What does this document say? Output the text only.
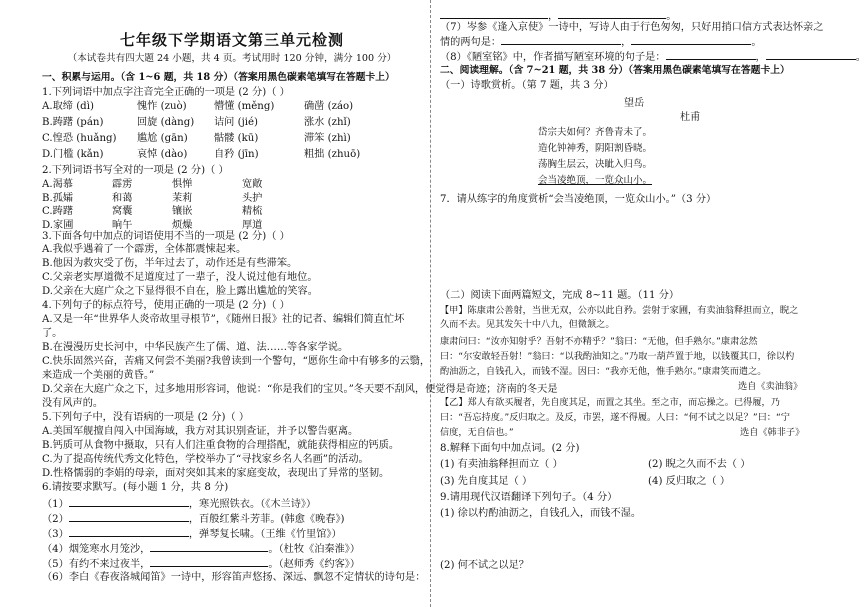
七年级下学期语文第三单元检测
（本试卷共有四大题 24 小题，共 4 页。考试用时 120 分钟，满分 100 分）
一、积累与运用。（含 1~6 题，共 18 分）（答案用黑色碳素笔填写在答题卡上）
1.下列词语中加点字注音完全正确的一项是 (2 分)（ ）
A.取缔 (dì)	愧怍 (zuò)	懵懂 (měng)	确凿 (záo)
B.踌躇 (pán)	回旋 (dàng) 诘问 (jié)	涨水 (zhǐ)
C.惶恐 (huǎng) 尴尬 (gān)	骷髅 (kū)	滞笨 (zhì)
D.门槛 (kǎn)	哀悼 (dào)	自矜 (jīn)	粗拙 (zhuō)
2.下列词语书写全对的一项是 (2 分)（ ）
A.渴慕	霹雳	惧惮	宽敞
B.孤孀	和蔼	茉莉	头护
C.踌躇	窝囊	镶嵌	精梳
D.家圃	晌午	烦燥	厚道
3.下面各句中加点的词语使用不当的一项是 (2 分)（ ）
A.我似乎遇着了一个霹雳，全体都震悚起来。
B.他因为救灾受了伤，半年过去了，动作还是有些滞笨。
C.父亲老实厚道微不足道度过了一辈子，没人说过他有地位。
D.父亲在大庭广众之下显得很不自在，脸上露出尴尬的笑容。
4.下列句子的标点符号，使用正确的一项是 (2 分)（ ）
A.又是一年“世界华人炎帝故里寻根节”，《随州日报》社的记者、编辑们简直忙坏
了。
B.在漫漫历史长河中，中华民族产生了儒、道、法……等各家学说。
C.快乐固然兴奋，苦痛又何尝不美丽?我曾读到一个警句，“愿你生命中有够多的云翳，
来造成一个美丽的黄昏。”
D.父亲在大庭广众之下，过多地用形容词，他说：“你是我们的宝贝。”冬天要不刮风，便觉得是奇迹；济南的冬天是
没有风声的。
5.下列句子中，没有语病的一项是 (2 分)（ ）
A.美国军舰擅自闯入中国海域，我方对其识别查证，并予以警告驱离。
B.钙质可从食物中摄取，只有人们注重食物的合理搭配，就能获得相应的钙质。
C.为了提高传统代秀文化特色，学校举办了“寻找家乡名人名画”的活动。
D.性格懦弱的李娟的母亲，面对突如其来的家庭变故，表现出了异常的坚韧。
6.请按要求默写。(每小题 1 分，共 8 分)
（1）	，寒光照铁衣。（《木兰诗》）
（2）	，百般红紫斗芳菲。(韩愈《晚春》)
（3）	，弹琴复长啸。（王维《竹里馆》）
（4）烟笼寒水月笼沙，	。（杜牧《泊秦淮》）
（5）有约不来过夜半，	。（赵师秀《约客》）
（6）李白《春夜洛城闻笛》一诗中，形容笛声悠扬、深远、飘忽不定情状的诗句是：
，	。
（7）岑参《逢入京使》一诗中，写诗人由于行色匆匆，只好用捎口信方式表达怀亲之
情的两句是：	，	。
（8）《陋室铭》中，作者描写陋室环境的句子是：	，	。
二、阅读理解。（含 7~21 题，共 38 分）（答案用黑色碳素笔填写在答题卡上）
（一）诗歌赏析。（第 7 题，共 3 分）
望岳
杜甫
岱宗夫如何？齐鲁青未了。
造化钟神秀，阴阳割昏晓。
荡胸生层云，决眦入归鸟。
会当凌绝顶，一览众山小。
7．请从练字的角度赏析“会当凌绝顶，一览众山小。”（3 分）
（二）阅读下面两篇短文，完成 8~11 题。（11 分）
【甲】陈康肃公善射，当世无双，公亦以此自矜。尝射于家圃，有卖油翁释担而立，睨之
久而不去。见其发矢十中八九，但微颔之。
康肃问曰：“汝亦知射乎？吾射不亦精乎？”翁曰：“无他，但手熟尔。”康肃忿然
曰：“尔安敢轻吾射！”翁曰：“以我酌油知之。”乃取一葫芦置于地，以钱覆其口，徐以杓
酌油沥之，自钱孔入，而钱不湿。因曰：“我亦无他，惟手熟尔。”康肃笑而遣之。
选自《卖油翁》
【乙】郑人有欲买履者，先自度其足，而置之其坐。至之市，而忘操之。已得履，乃
曰：“吾忘持度。”反归取之。及反，市罢，遂不得履。人曰：“何不试之以足？”曰：“宁
信度，无自信也。”	选自《韩非子》
8.解释下面句中加点词。(2 分)
(1) 有卖油翁释担而立（ ）	(2) 睨之久而不去（ ）
(3) 先自度其足（ ）	(4) 反归取之（ ）
9.请用现代汉语翻译下列句子。（4 分）
(1) 徐以杓酌油沥之，自钱孔入，而钱不湿。
(2) 何不试之以足？
